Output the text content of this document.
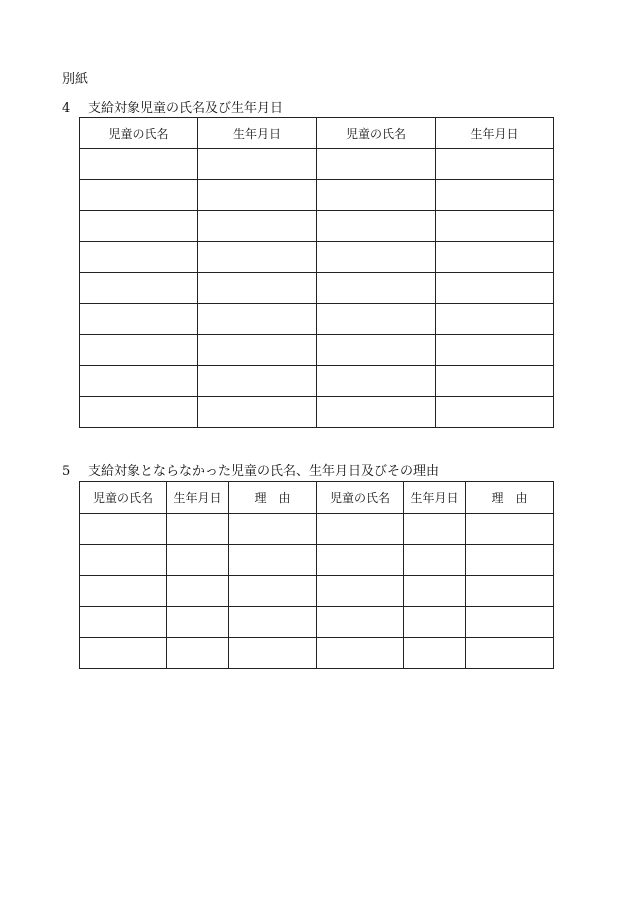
別紙
4 支給対象児童の氏名及び生年月日
児童の氏名	生年月日	児童の氏名	生年月日

5 支給対象とならなかった児童の氏名、生年月日及びその理由
児童の氏名	生年月日	理　由	児童の氏名	生年月日	理　由
